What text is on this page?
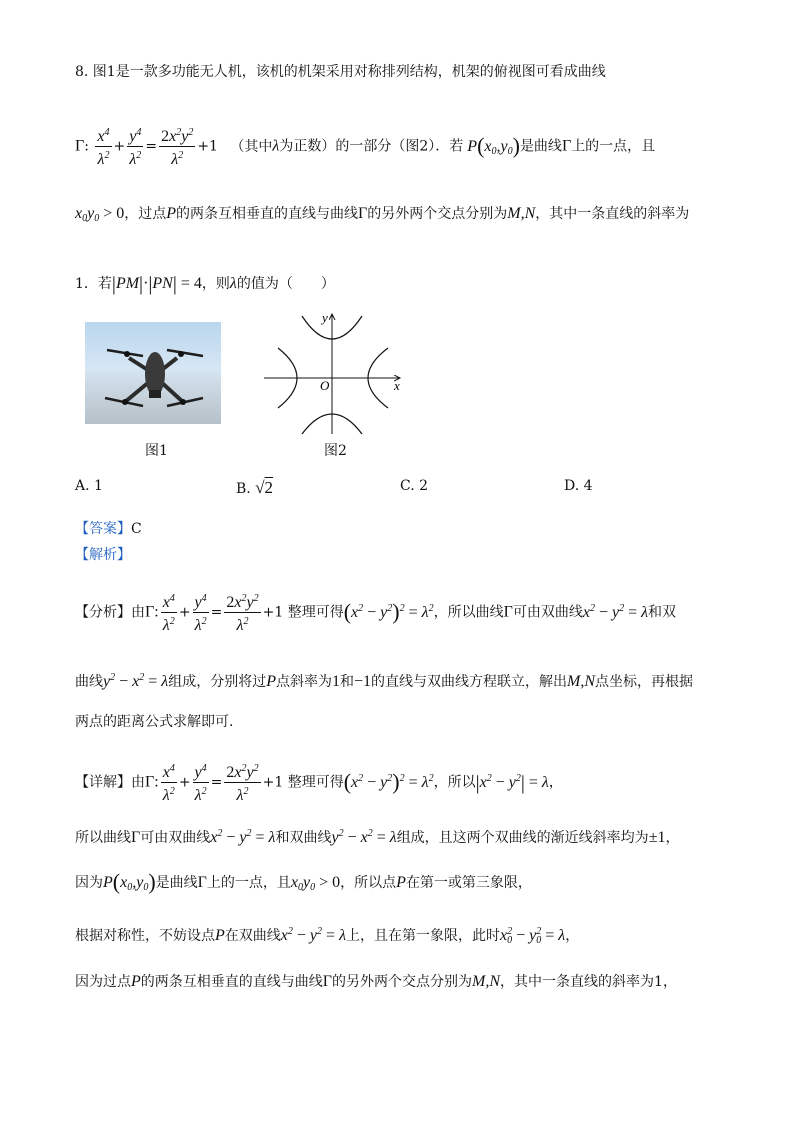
8. 图1是一款多功能无人机，该机的机架采用对称排列结构，机架的俯视图可看成曲线
Γ: $\frac{x^4}{\lambda^2} + \frac{y^4}{\lambda^2} = \frac{2x^2y^2}{\lambda^2} +1$ （其中λ为正数）的一部分（图2）．若 $P(x_0,y_0)$是曲线Γ上的一点，且
$x_0y_0 > 0$，过点P的两条互相垂直的直线与曲线Γ的另外两个交点分别为M,N，其中一条直线的斜率为
1．若|PM|·|PN| = 4，则λ的值为（　　）
图1
x
y
O
图2
A. 1	B. √2	C. 2	D. 4
【答案】C
【解析】
【分析】由Γ: $\frac{x^4}{\lambda^2} + \frac{y^4}{\lambda^2} = \frac{2x^2y^2}{\lambda^2} +1$ 整理可得$(x^2 - y^2)^2 = \lambda^2$，所以曲线Γ可由双曲线$x^2 - y^2 = \lambda$和双
曲线$y^2 - x^2 = \lambda$组成，分别将过P点斜率为1和−1的直线与双曲线方程联立，解出M,N点坐标，再根据
两点的距离公式求解即可.
【详解】由Γ: $\frac{x^4}{\lambda^2} + \frac{y^4}{\lambda^2} = \frac{2x^2y^2}{\lambda^2} +1$ 整理可得$(x^2 - y^2)^2 = \lambda^2$，所以$|x^2 - y^2| = \lambda$，
所以曲线Γ可由双曲线$x^2 - y^2 = \lambda$和双曲线$y^2 - x^2 = \lambda$组成，且这两个双曲线的渐近线斜率均为±1，
因为$P(x_0,y_0)$是曲线Γ上的一点，且$x_0y_0 > 0$，所以点P在第一或第三象限，
根据对称性，不妨设点P在双曲线$x^2 - y^2 = \lambda$上，且在第一象限，此时$x_0^2 - y_0^2 = \lambda$，
因为过点P的两条互相垂直的直线与曲线Γ的另外两个交点分别为M,N，其中一条直线的斜率为1，
